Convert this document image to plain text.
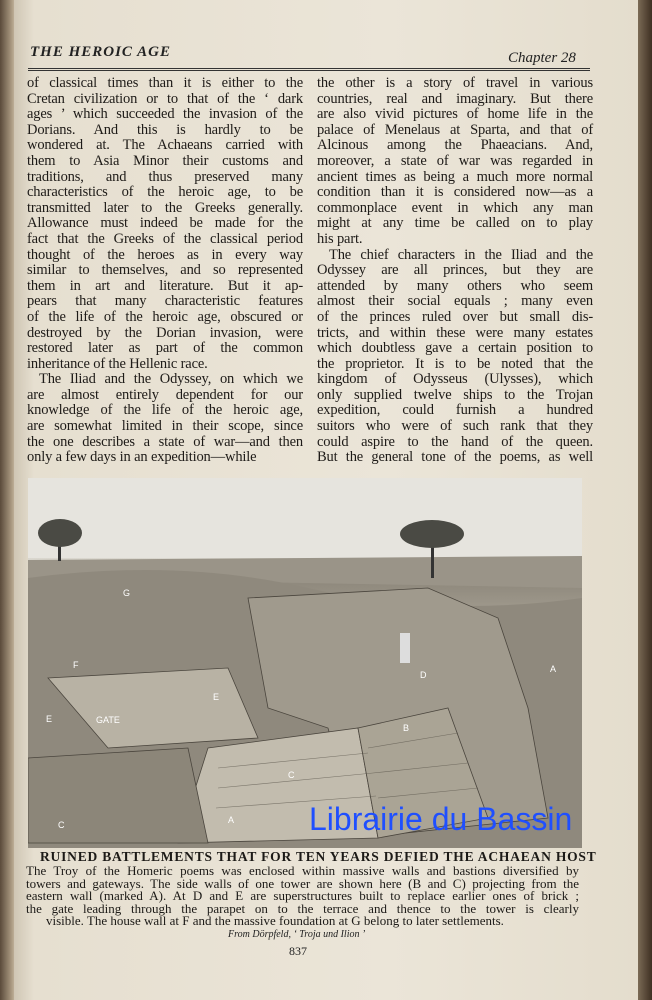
THE HEROIC AGE	Chapter 28
of classical times than it is either to the
Cretan civilization or to that of the ‘ dark
ages ’ which succeeded the invasion of the
Dorians. And this is hardly to be
wondered at. The Achaeans carried with
them to Asia Minor their customs and
traditions, and thus preserved many
characteristics of the heroic age, to be
transmitted later to the Greeks generally.
Allowance must indeed be made for the
fact that the Greeks of the classical period
thought of the heroes as in every way
similar to themselves, and so represented
them in art and literature. But it ap-
pears that many characteristic features
of the life of the heroic age, obscured or
destroyed by the Dorian invasion, were
restored later as part of the common
inheritance of the Hellenic race.
The Iliad and the Odyssey, on which we
are almost entirely dependent for our
knowledge of the life of the heroic age,
are somewhat limited in their scope, since
the one describes a state of war—and then
only a few days in an expedition—while
the other is a story of travel in various
countries, real and imaginary. But there
are also vivid pictures of home life in the
palace of Menelaus at Sparta, and that of
Alcinous among the Phaeacians. And,
moreover, a state of war was regarded in
ancient times as being a much more normal
condition than it is considered now—as a
commonplace event in which any man
might at any time be called on to play
his part.
The chief characters in the Iliad and the
Odyssey are all princes, but they are
attended by many others who seem
almost their social equals ; many even
of the princes ruled over but small dis-
tricts, and within these were many estates
which doubtless gave a certain position to
the proprietor. It is to be noted that the
kingdom of Odysseus (Ulysses), which
only supplied twelve ships to the Trojan
expedition, could furnish a hundred
suitors who were of such rank that they
could aspire to the hand of the queen.
But the general tone of the poems, as well
G
F
E
GATE
D
B
A
C
C	A
E
Librairie du Bassin
RUINED BATTLEMENTS THAT FOR TEN YEARS DEFIED THE ACHAEAN HOST
The Troy of the Homeric poems was enclosed within massive walls and bastions diversified by
towers and gateways. The side walls of one tower are shown here (B and C) projecting from the
eastern wall (marked A). At D and E are superstructures built to replace earlier ones of brick ;
the gate leading through the parapet on to the terrace and thence to the tower is clearly
visible. The house wall at F and the massive foundation at G belong to later settlements.
From Dörpfeld, ‘ Troja und Ilion ’
837
